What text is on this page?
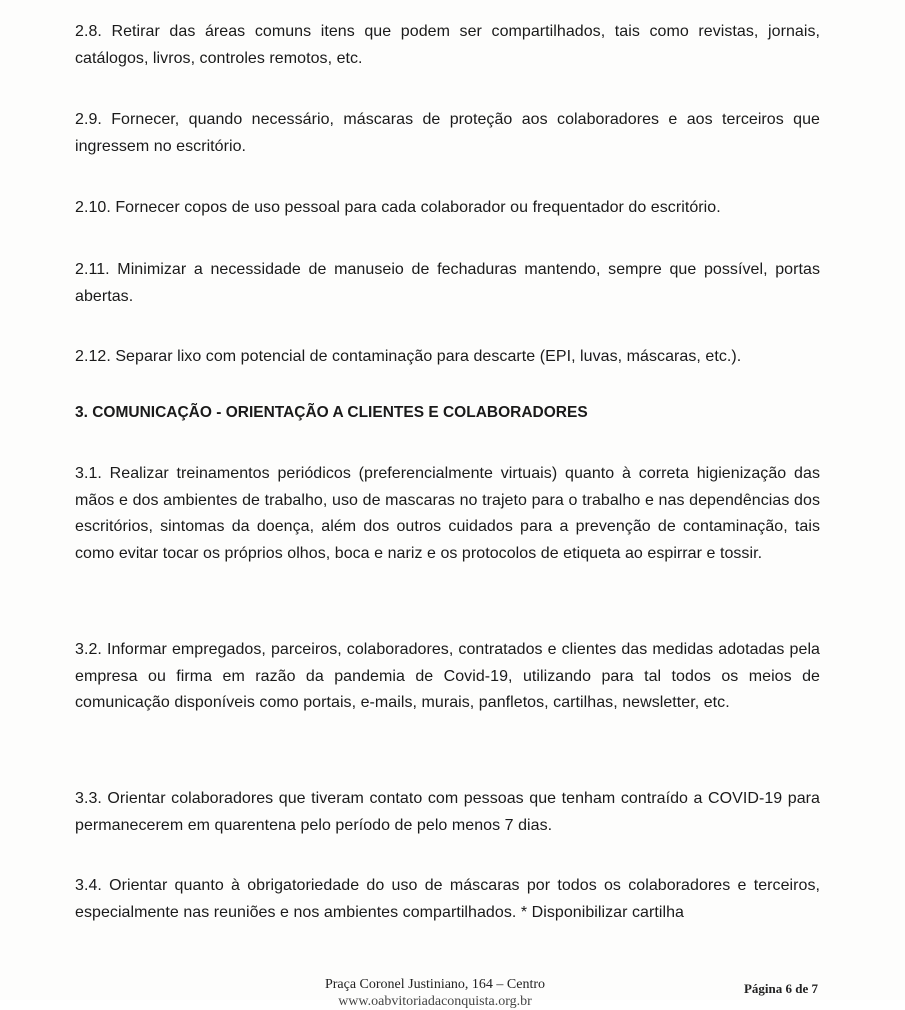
2.8. Retirar das áreas comuns itens que podem ser compartilhados, tais como revistas, jornais, catálogos, livros, controles remotos, etc.

2.9. Fornecer, quando necessário, máscaras de proteção aos colaboradores e aos terceiros que ingressem no escritório.

2.10. Fornecer copos de uso pessoal para cada colaborador ou frequentador do escritório.

2.11. Minimizar a necessidade de manuseio de fechaduras mantendo, sempre que possível, portas abertas.

2.12. Separar lixo com potencial de contaminação para descarte (EPI, luvas, máscaras, etc.).

3. COMUNICAÇÃO - ORIENTAÇÃO A CLIENTES E COLABORADORES

3.1. Realizar treinamentos periódicos (preferencialmente virtuais) quanto à correta higienização das mãos e dos ambientes de trabalho, uso de mascaras no trajeto para o trabalho e nas dependências dos escritórios, sintomas da doença, além dos outros cuidados para a prevenção de contaminação, tais como evitar tocar os próprios olhos, boca e nariz e os protocolos de etiqueta ao espirrar e tossir.

3.2. Informar empregados, parceiros, colaboradores, contratados e clientes das medidas adotadas pela empresa ou firma em razão da pandemia de Covid-19, utilizando para tal todos os meios de comunicação disponíveis como portais, e-mails, murais, panfletos, cartilhas, newsletter, etc.

3.3. Orientar colaboradores que tiveram contato com pessoas que tenham contraído a COVID-19 para permanecerem em quarentena pelo período de pelo menos 7 dias.

3.4. Orientar quanto à obrigatoriedade do uso de máscaras por todos os colaboradores e terceiros, especialmente nas reuniões e nos ambientes compartilhados. * Disponibilizar cartilha

Praça Coronel Justiniano, 164 – Centro
www.oabvitoriadaconquista.org.br
Página 6 de 7
